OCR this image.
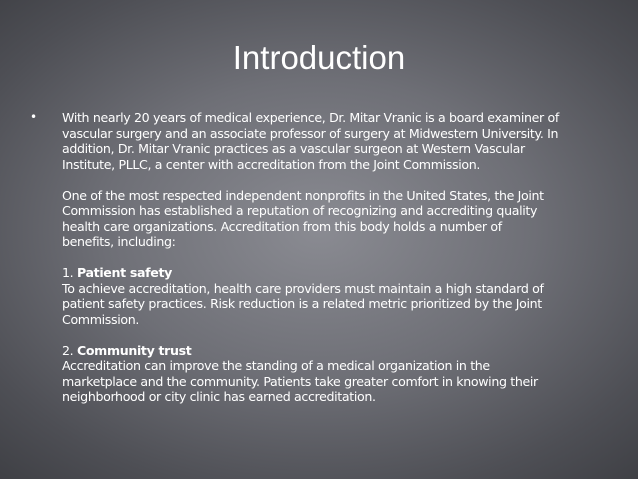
Introduction
•	With nearly 20 years of medical experience, Dr. Mitar Vranic is a board examiner of
vascular surgery and an associate professor of surgery at Midwestern University. In
addition, Dr. Mitar Vranic practices as a vascular surgeon at Western Vascular
Institute, PLLC, a center with accreditation from the Joint Commission.
One of the most respected independent nonprofits in the United States, the Joint
Commission has established a reputation of recognizing and accrediting quality
health care organizations. Accreditation from this body holds a number of
benefits, including:
1. Patient safety
To achieve accreditation, health care providers must maintain a high standard of
patient safety practices. Risk reduction is a related metric prioritized by the Joint
Commission.
2. Community trust
Accreditation can improve the standing of a medical organization in the
marketplace and the community. Patients take greater comfort in knowing their
neighborhood or city clinic has earned accreditation.
